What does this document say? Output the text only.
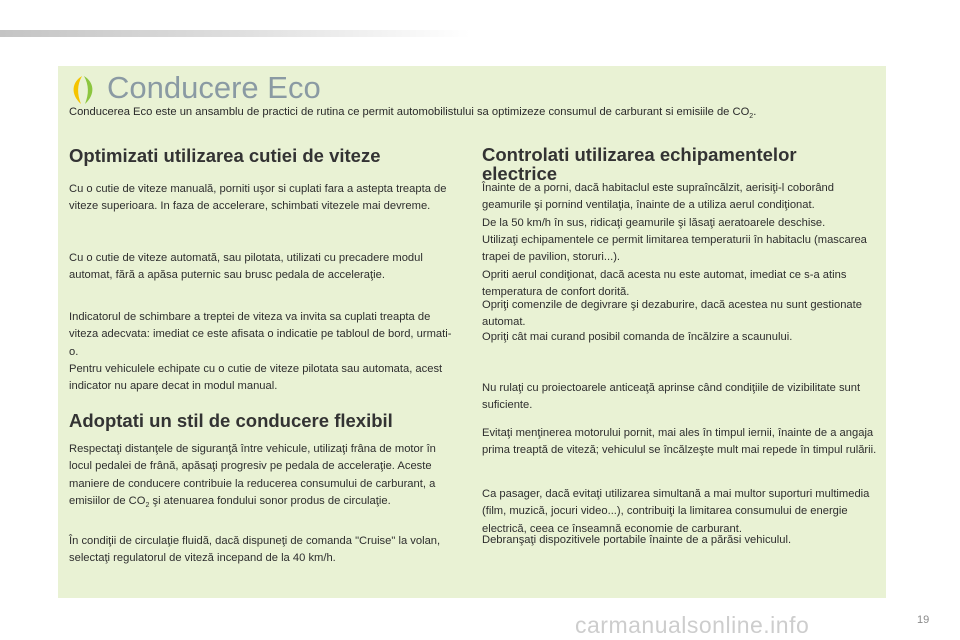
Conducere Eco
Conducerea Eco este un ansamblu de practici de rutina ce permit automobilistului sa optimizeze consumul de carburant si emisiile de $CO_2$.
Optimizati utilizarea cutiei de viteze

Cu o cutie de viteze manuală, porniti uşor si cuplati fara a astepta treapta de viteze superioara. In faza de accelerare, schimbati vitezele mai devreme.

Cu o cutie de viteze automată, sau pilotata, utilizati cu precadere modul automat, fără a apăsa puternic sau brusc pedala de acceleraţie.

Indicatorul de schimbare a treptei de viteza va invita sa cuplati treapta de viteza adecvata: imediat ce este afisata o indicatie pe tabloul de bord, urmati-o.

Pentru vehiculele echipate cu o cutie de viteze pilotata sau automata, acest indicator nu apare decat in modul manual.

Adoptati un stil de conducere flexibil

Respectaţi distanţele de siguranţă între vehicule, utilizaţi frâna de motor în locul pedalei de frână, apăsaţi progresiv pe pedala de acceleraţie. Aceste maniere de conducere contribuie la reducerea consumului de carburant, a emisiilor de $CO_2$ şi atenuarea fondului sonor produs de circulaţie.

În condiţii de circulaţie fluidă, dacă dispuneţi de comanda "Cruise" la volan, selectaţi regulatorul de viteză incepand de la 40 km/h.

Controlati utilizarea echipamentelor electrice

Înainte de a porni, dacă habitaclul este supraîncălzit, aerisiţi-l coborând geamurile şi pornind ventilaţia, înainte de a utiliza aerul condiţionat.

De la 50 km/h în sus, ridicaţi geamurile şi lăsaţi aeratoarele deschise.

Utilizaţi echipamentele ce permit limitarea temperaturii în habitaclu (mascarea trapei de pavilion, storuri...).

Opriti aerul condiţionat, dacă acesta nu este automat, imediat ce s-a atins temperatura de confort dorită.

Opriţi comenzile de degivrare şi dezaburire, dacă acestea nu sunt gestionate automat.

Opriţi cât mai curand posibil comanda de încălzire a scaunului.

Nu rulaţi cu proiectoarele anticeaţă aprinse când condiţiile de vizibilitate sunt suficiente.

Evitaţi menţinerea motorului pornit, mai ales în timpul iernii, înainte de a angaja prima treaptă de viteză; vehiculul se încălzeşte mult mai repede în timpul rulării.

Ca pasager, dacă evitaţi utilizarea simultană a mai multor suporturi multimedia (film, muzică, jocuri video...), contribuiţi la limitarea consumului de energie electrică, ceea ce înseamnă economie de carburant.

Debranşaţi dispozitivele portabile înainte de a părăsi vehiculul.

carmanualsonline.info	19
